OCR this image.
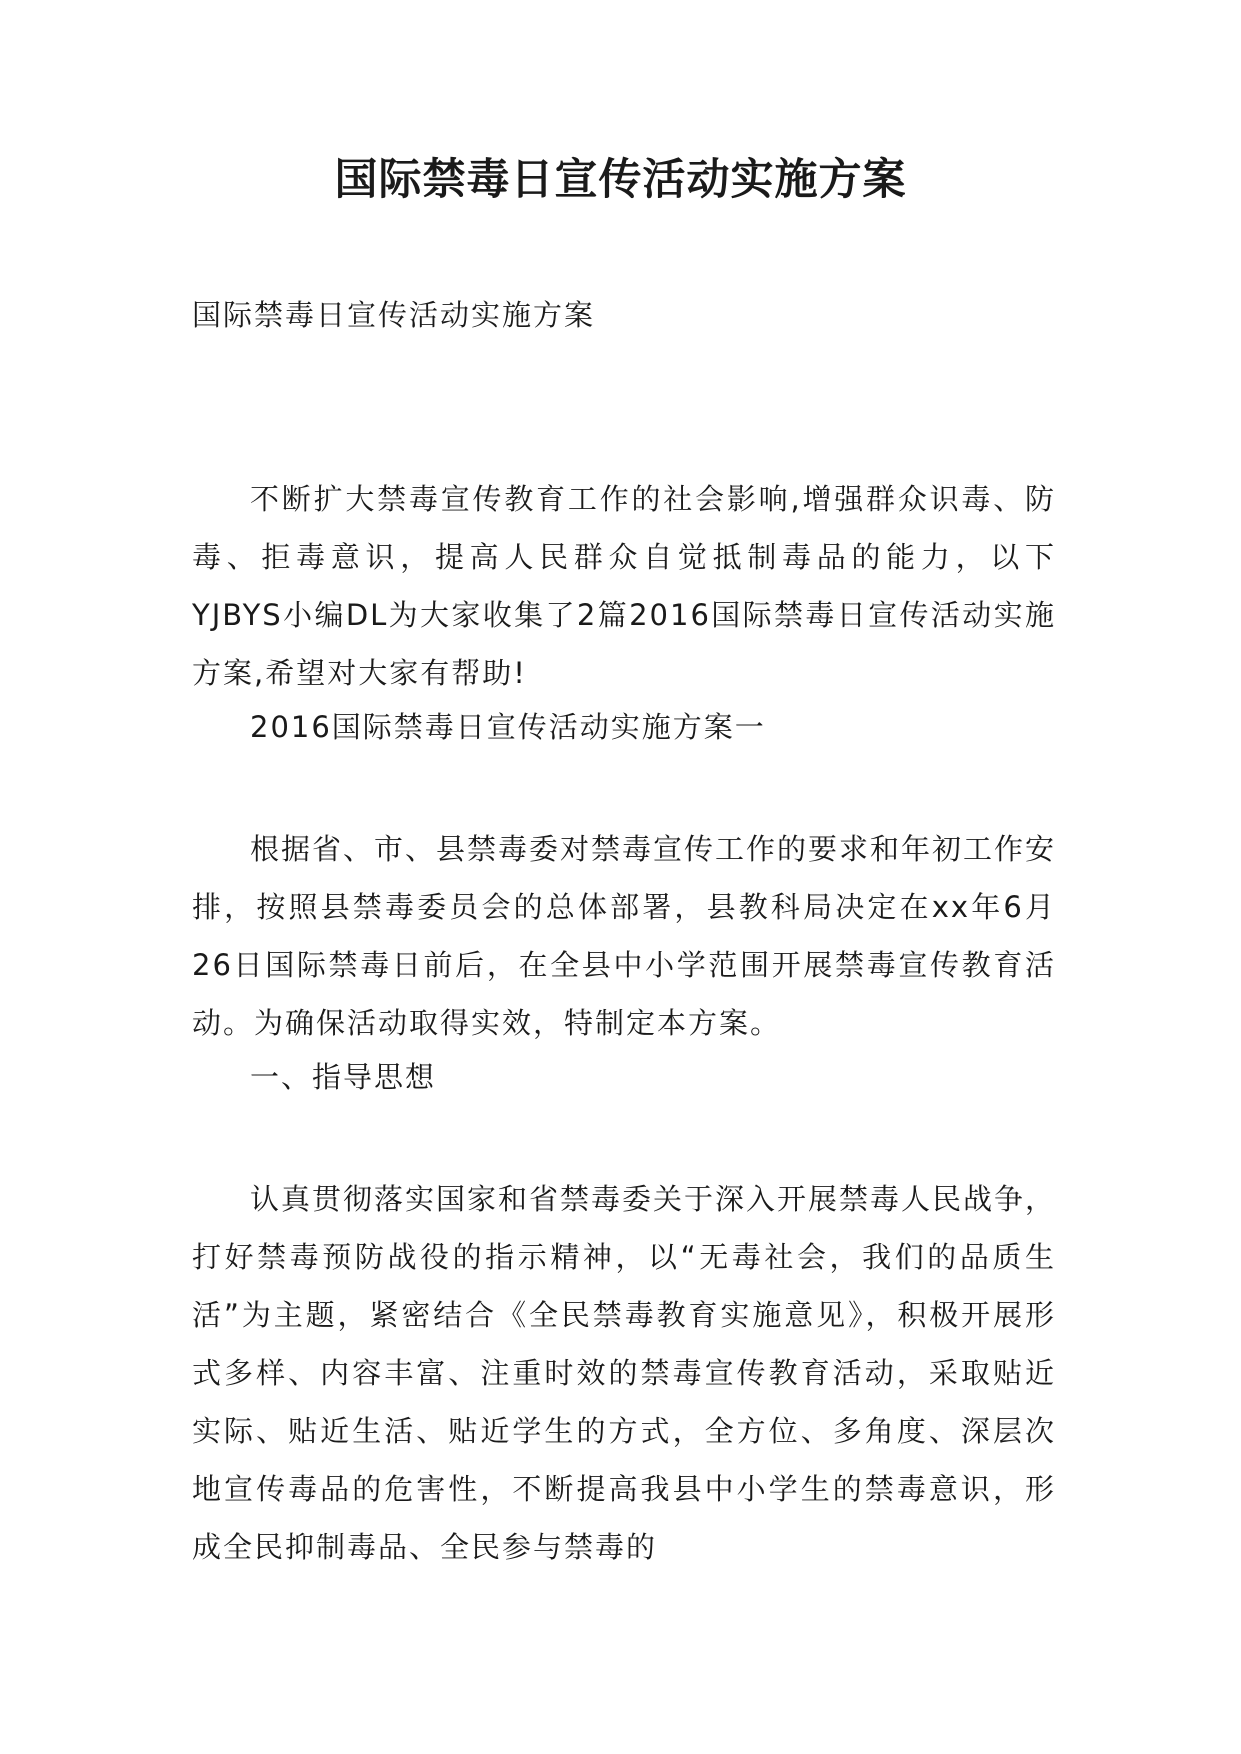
国际禁毒日宣传活动实施方案

国际禁毒日宣传活动实施方案

不断扩大禁毒宣传教育工作的社会影响,增强群众识毒、防毒、拒毒意识，提高人民群众自觉抵制毒品的能力，以下YJBYS小编DL为大家收集了2篇2016国际禁毒日宣传活动实施方案,希望对大家有帮助!

2016国际禁毒日宣传活动实施方案一

根据省、市、县禁毒委对禁毒宣传工作的要求和年初工作安排，按照县禁毒委员会的总体部署，县教科局决定在xx年6月26日国际禁毒日前后，在全县中小学范围开展禁毒宣传教育活动。为确保活动取得实效，特制定本方案。

一、指导思想

认真贯彻落实国家和省禁毒委关于深入开展禁毒人民战争，打好禁毒预防战役的指示精神，以“无毒社会，我们的品质生活”为主题，紧密结合《全民禁毒教育实施意见》，积极开展形式多样、内容丰富、注重时效的禁毒宣传教育活动，采取贴近实际、贴近生活、贴近学生的方式，全方位、多角度、深层次地宣传毒品的危害性，不断提高我县中小学生的禁毒意识，形成全民抑制毒品、全民参与禁毒的
